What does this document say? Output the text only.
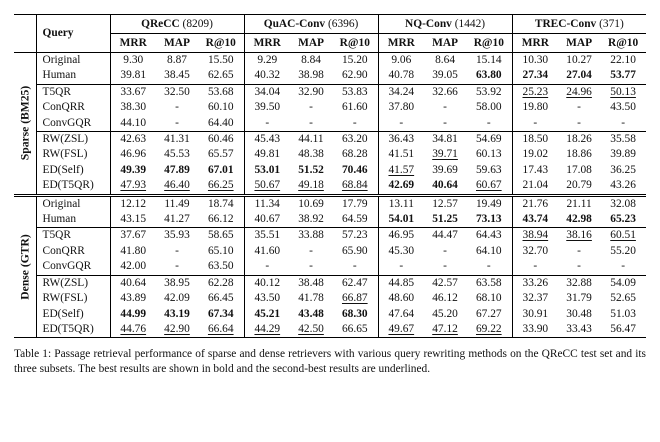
	Query	QReCC (8209)			QuAC-Conv (6396)			NQ-Conv (1442)			TREC-Conv (371)		
		MRR	MAP	R@10	MRR	MAP	R@10	MRR	MAP	R@10	MRR	MAP	R@10

Sparse (BM25)	Original	9.30	8.87	15.50	9.29	8.84	15.20	9.06	8.64	15.14	10.30	10.27	22.10
	Human	39.81	38.45	62.65	40.32	38.98	62.90	40.78	39.05	63.80	27.34	27.04	53.77
	T5QR	33.67	32.50	53.68	34.04	32.90	53.83	34.24	32.66	53.92	25.23	24.96	50.13
	ConQRR	38.30	-	60.10	39.50	-	61.60	37.80	-	58.00	19.80	-	43.50
	ConvGQR	44.10	-	64.40	-	-	-	-	-	-	-	-	-
	RW(ZSL)	42.63	41.31	60.46	45.43	44.11	63.20	36.43	34.81	54.69	18.50	18.26	35.58
	RW(FSL)	46.96	45.53	65.57	49.81	48.38	68.28	41.51	39.71	60.13	19.02	18.86	39.89
	ED(Self)	49.39	47.89	67.01	53.01	51.52	70.46	41.57	39.69	59.63	17.43	17.08	36.25
	ED(T5QR)	47.93	46.40	66.25	50.67	49.18	68.84	42.69	40.64	60.67	21.04	20.79	43.26

Dense (GTR)	Original	12.12	11.49	18.74	11.34	10.69	17.79	13.11	12.57	19.49	21.76	21.11	32.08
	Human	43.15	41.27	66.12	40.67	38.92	64.59	54.01	51.25	73.13	43.74	42.98	65.23
	T5QR	37.67	35.93	58.65	35.51	33.88	57.23	46.95	44.47	64.43	38.94	38.16	60.51
	ConQRR	41.80	-	65.10	41.60	-	65.90	45.30	-	64.10	32.70	-	55.20
	ConvGQR	42.00	-	63.50	-	-	-	-	-	-	-	-	-
	RW(ZSL)	40.64	38.95	62.28	40.12	38.48	62.47	44.85	42.57	63.58	33.26	32.88	54.09
	RW(FSL)	43.89	42.09	66.45	43.50	41.78	66.87	48.60	46.12	68.10	32.37	31.79	52.65
	ED(Self)	44.99	43.19	67.34	45.21	43.48	68.30	47.64	45.20	67.27	30.91	30.48	51.03
	ED(T5QR)	44.76	42.90	66.64	44.29	42.50	66.65	49.67	47.12	69.22	33.90	33.43	56.47
Table 1: Passage retrieval performance of sparse and dense retrievers with various query rewriting methods on the QReCC test set and its three subsets. The best results are shown in bold and the second-best results are underlined.
